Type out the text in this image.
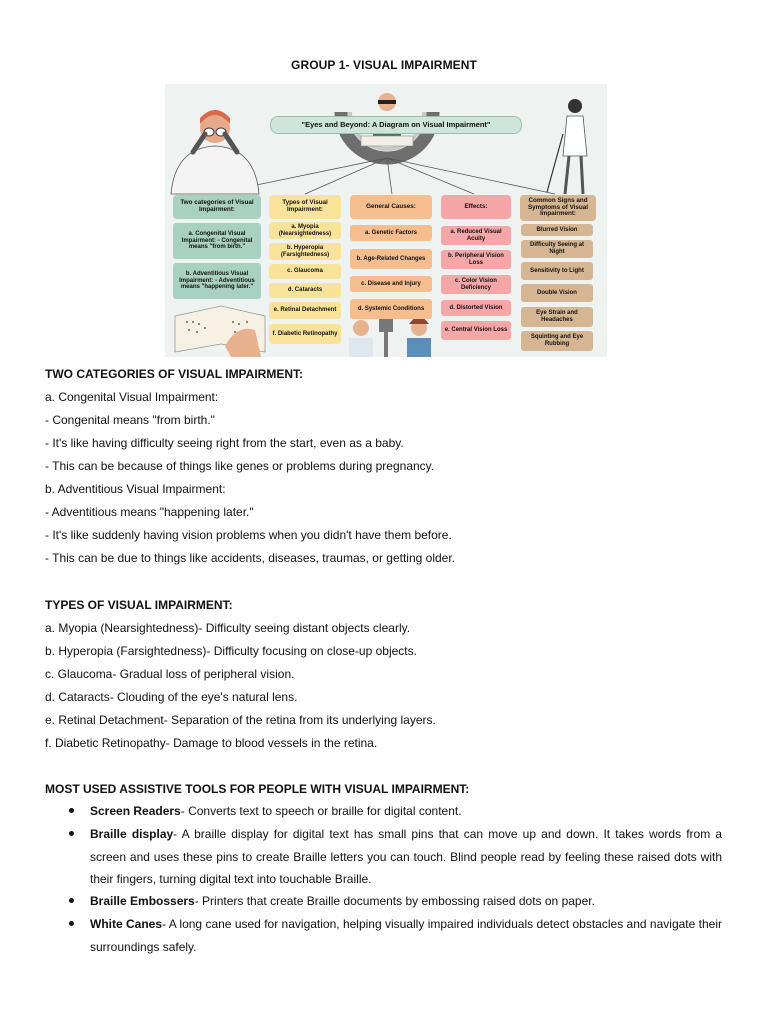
GROUP 1- VISUAL IMPAIRMENT
"Eyes and Beyond: A Diagram on Visual Impairment"
Two categories of Visual Impairment:
a. Congenital Visual Impairment: - Congenital means "from birth."
b. Adventitious Visual Impairment: - Adventitious means "happening later."
Types of Visual Impairment:
a. Myopia (Nearsightedness)
b. Hyperopia (Farsightedness)
c. Glaucoma
d. Cataracts
e. Retinal Detachment
f. Diabetic Retinopathy
General Causes:
a. Genetic Factors
b. Age-Related Changes
c. Disease and Injury
d. Systemic Conditions
Effects:
a. Reduced Visual Acuity
b. Peripheral Vision Loss
c. Color Vision Deficiency
d. Distorted Vision
e. Central Vision Loss
Common Signs and Symptoms of Visual Impairment:
Blurred Vision
Difficulty Seeing at Night
Sensitivity to Light
Double Vision
Eye Strain and Headaches
Squinting and Eye Rubbing
TWO CATEGORIES OF VISUAL IMPAIRMENT:
a. Congenital Visual Impairment:
- Congenital means "from birth."
- It's like having difficulty seeing right from the start, even as a baby.
- This can be because of things like genes or problems during pregnancy.
b. Adventitious Visual Impairment:
- Adventitious means "happening later."
- It's like suddenly having vision problems when you didn't have them before.
- This can be due to things like accidents, diseases, traumas, or getting older.
TYPES OF VISUAL IMPAIRMENT:
a. Myopia (Nearsightedness)- Difficulty seeing distant objects clearly.
b. Hyperopia (Farsightedness)- Difficulty focusing on close-up objects.
c. Glaucoma- Gradual loss of peripheral vision.
d. Cataracts- Clouding of the eye's natural lens.
e. Retinal Detachment- Separation of the retina from its underlying layers.
f. Diabetic Retinopathy- Damage to blood vessels in the retina.
MOST USED ASSISTIVE TOOLS FOR PEOPLE WITH VISUAL IMPAIRMENT:
Screen Readers- Converts text to speech or braille for digital content.
Braille display- A braille display for digital text has small pins that can move up and down. It takes words from a screen and uses these pins to create Braille letters you can touch. Blind people read by feeling these raised dots with their fingers, turning digital text into touchable Braille.
Braille Embossers- Printers that create Braille documents by embossing raised dots on paper.
White Canes- A long cane used for navigation, helping visually impaired individuals detect obstacles and navigate their surroundings safely.
